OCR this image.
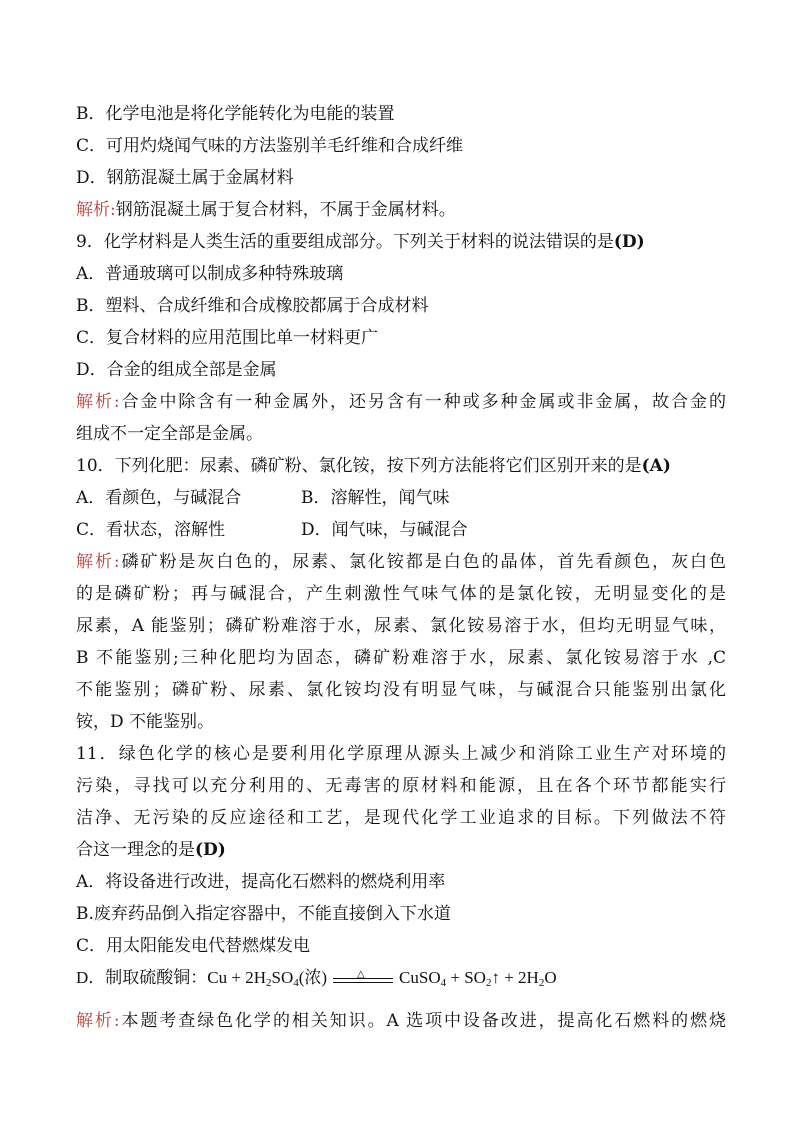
B．化学电池是将化学能转化为电能的装置
C．可用灼烧闻气味的方法鉴别羊毛纤维和合成纤维
D．钢筋混凝土属于金属材料
解析:钢筋混凝土属于复合材料，不属于金属材料。
9．化学材料是人类生活的重要组成部分。下列关于材料的说法错误的是(D)
A．普通玻璃可以制成多种特殊玻璃
B．塑料、合成纤维和合成橡胶都属于合成材料
C．复合材料的应用范围比单一材料更广
D．合金的组成全部是金属
解析:合金中除含有一种金属外，还另含有一种或多种金属或非金属，故合金的
组成不一定全部是金属。
10．下列化肥：尿素、磷矿粉、氯化铵，按下列方法能将它们区别开来的是(A)
A．看颜色，与碱混合	B．溶解性，闻气味
C．看状态，溶解性	D．闻气味，与碱混合
解析:磷矿粉是灰白色的，尿素、氯化铵都是白色的晶体，首先看颜色，灰白色
的是磷矿粉；再与碱混合，产生刺激性气味气体的是氯化铵，无明显变化的是
尿素，A 能鉴别；磷矿粉难溶于水，尿素、氯化铵易溶于水，但均无明显气味，
B 不能鉴别;三种化肥均为固态，磷矿粉难溶于水，尿素、氯化铵易溶于水 ,C
不能鉴别；磷矿粉、尿素、氯化铵均没有明显气味，与碱混合只能鉴别出氯化
铵，D 不能鉴别。
11．绿色化学的核心是要利用化学原理从源头上减少和消除工业生产对环境的
污染，寻找可以充分利用的、无毒害的原材料和能源，且在各个环节都能实行
洁净、无污染的反应途径和工艺，是现代化学工业追求的目标。下列做法不符
合这一理念的是(D)
A．将设备进行改进，提高化石燃料的燃烧利用率
B.废弃药品倒入指定容器中，不能直接倒入下水道
C．用太阳能发电代替燃煤发电
D．制取硫酸铜：$Cu + 2H_2SO_4$(浓)	△ CuSO$_4$ + $SO_2↑ + 2H_2O$
解析:本题考查绿色化学的相关知识。A 选项中设备改进，提高化石燃料的燃烧
